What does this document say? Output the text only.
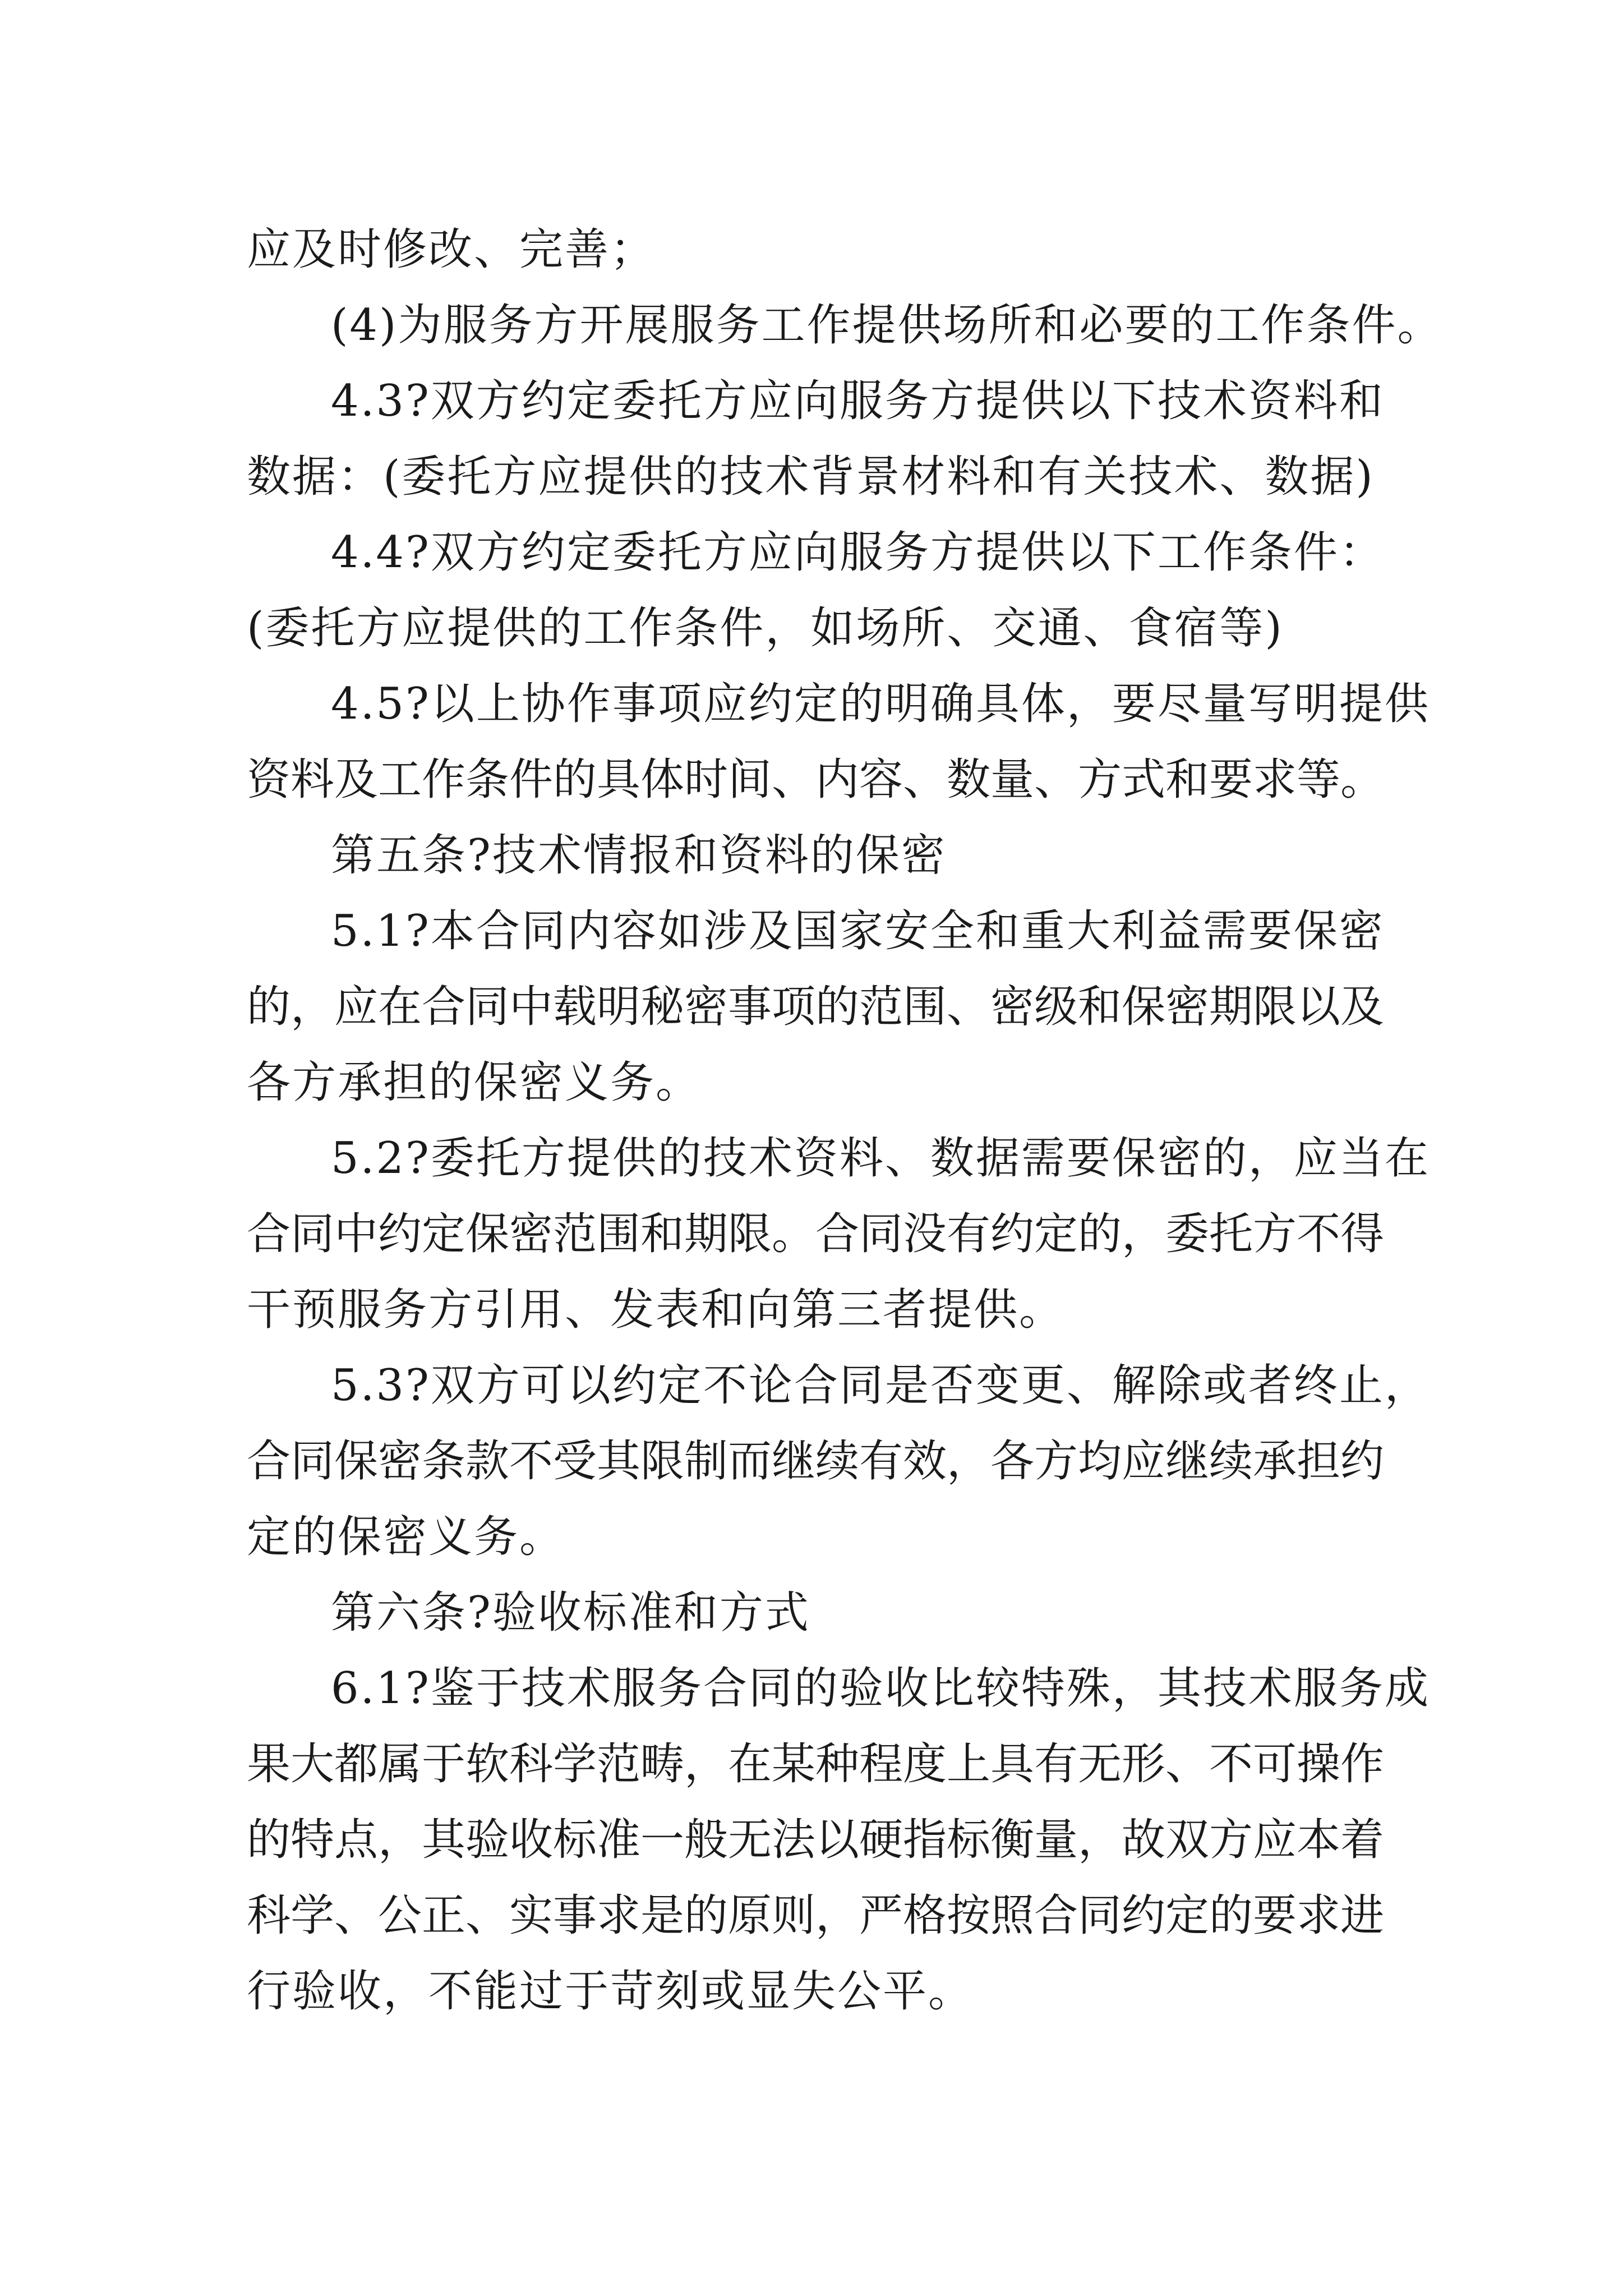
应及时修改、完善；
(4)为服务方开展服务工作提供场所和必要的工作条件。
4.3?双方约定委托方应向服务方提供以下技术资料和
数据：(委托方应提供的技术背景材料和有关技术、数据)
4.4?双方约定委托方应向服务方提供以下工作条件：
(委托方应提供的工作条件，如场所、交通、食宿等)
4.5?以上协作事项应约定的明确具体，要尽量写明提供
资料及工作条件的具体时间、内容、数量、方式和要求等。
第五条?技术情报和资料的保密
5.1?本合同内容如涉及国家安全和重大利益需要保密
的，应在合同中载明秘密事项的范围、密级和保密期限以及
各方承担的保密义务。
5.2?委托方提供的技术资料、数据需要保密的，应当在
合同中约定保密范围和期限。合同没有约定的，委托方不得
干预服务方引用、发表和向第三者提供。
5.3?双方可以约定不论合同是否变更、解除或者终止，
合同保密条款不受其限制而继续有效，各方均应继续承担约
定的保密义务。
第六条?验收标准和方式
6.1?鉴于技术服务合同的验收比较特殊，其技术服务成
果大都属于软科学范畴，在某种程度上具有无形、不可操作
的特点，其验收标准一般无法以硬指标衡量，故双方应本着
科学、公正、实事求是的原则，严格按照合同约定的要求进
行验收，不能过于苛刻或显失公平。
